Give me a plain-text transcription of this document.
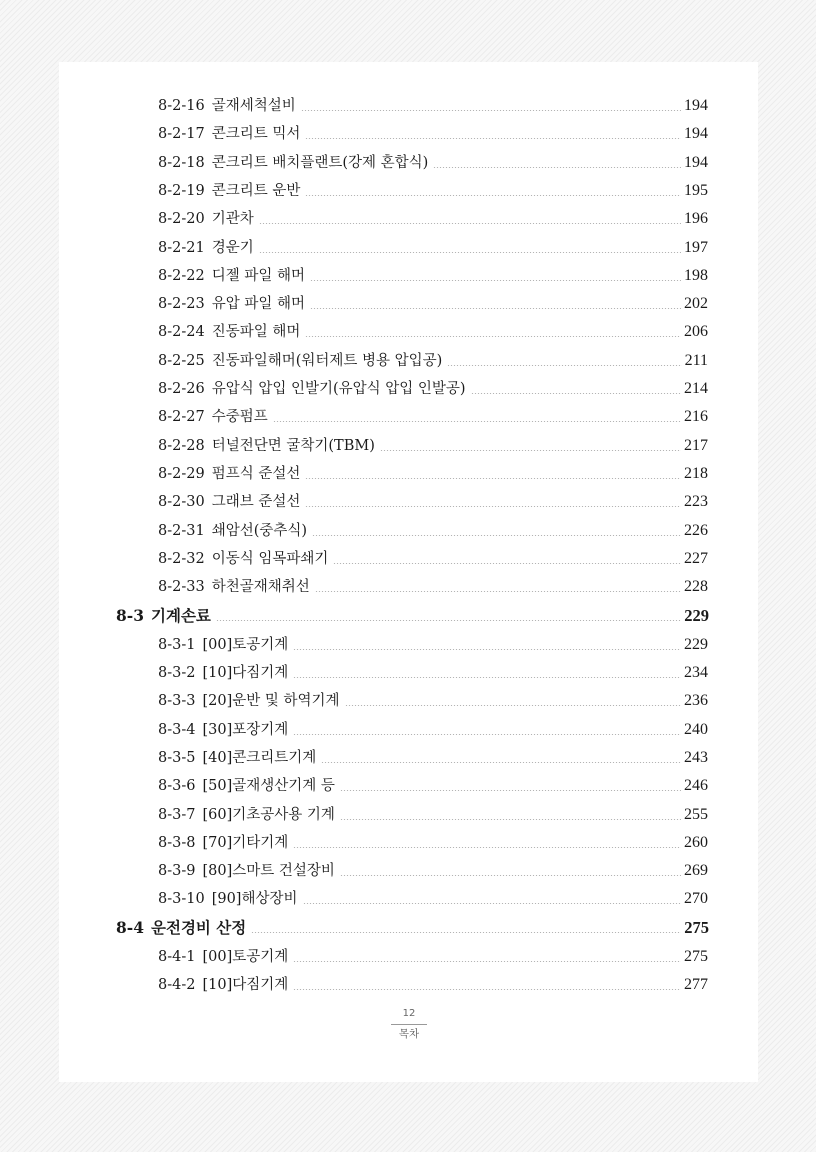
8-2-16 골재세척설비	194
8-2-17 콘크리트 믹서	194
8-2-18 콘크리트 배치플랜트(강제 혼합식)	194
8-2-19 콘크리트 운반	195
8-2-20 기관차	196
8-2-21 경운기	197
8-2-22 디젤 파일 해머	198
8-2-23 유압 파일 해머	202
8-2-24 진동파일 해머	206
8-2-25 진동파일해머(워터제트 병용 압입공)	211
8-2-26 유압식 압입 인발기(유압식 압입 인발공)	214
8-2-27 수중펌프	216
8-2-28 터널전단면 굴착기(TBM)	217
8-2-29 펌프식 준설선	218
8-2-30 그래브 준설선	223
8-2-31 쇄암선(중추식)	226
8-2-32 이동식 임목파쇄기	227
8-2-33 하천골재채취선	228
8-3 기계손료	229
8-3-1 [00]토공기계	229
8-3-2 [10]다짐기계	234
8-3-3 [20]운반 및 하역기계	236
8-3-4 [30]포장기계	240
8-3-5 [40]콘크리트기계	243
8-3-6 [50]골재생산기계 등	246
8-3-7 [60]기초공사용 기계	255
8-3-8 [70]기타기계	260
8-3-9 [80]스마트 건설장비	269
8-3-10 [90]해상장비	270
8-4 운전경비 산정	275
8-4-1 [00]토공기계	275
8-4-2 [10]다짐기계	277
12
목차
